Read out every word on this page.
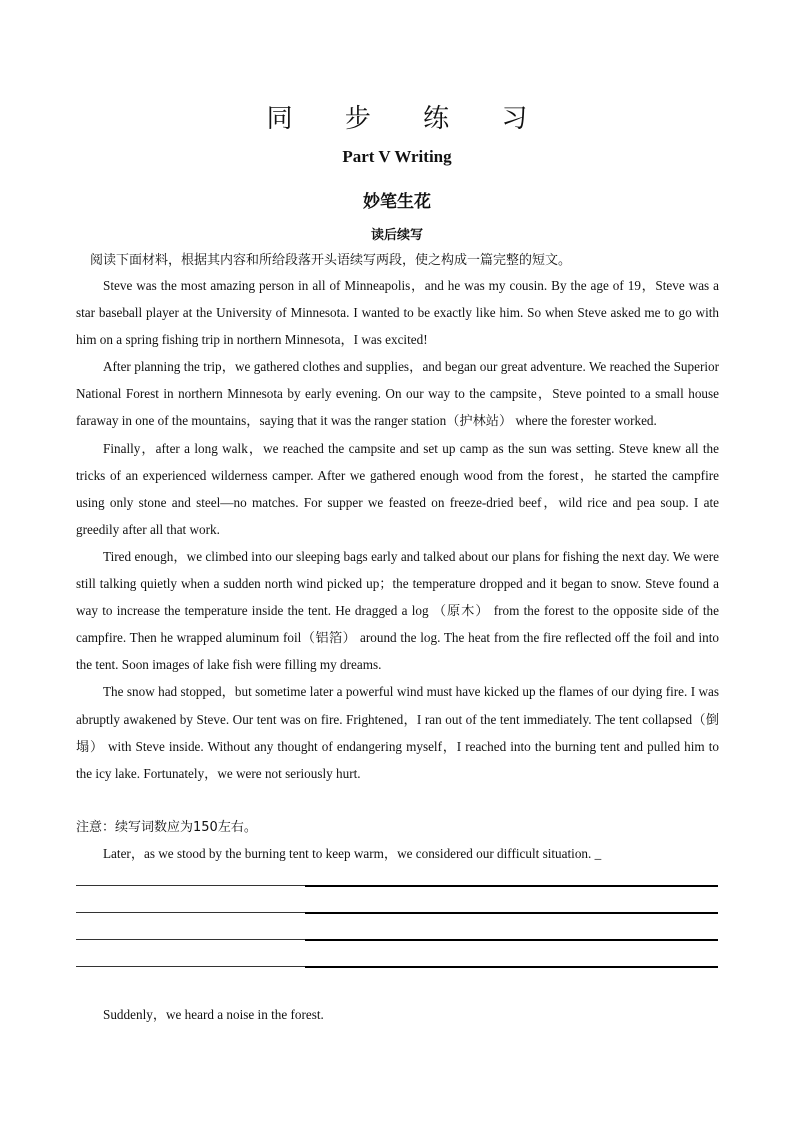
同 步 练 习
Part V Writing
妙笔生花
读后续写
阅读下面材料，根据其内容和所给段落开头语续写两段，使之构成一篇完整的短文。

Steve was the most amazing person in all of Minneapolis，and he was my cousin. By the age of 19，Steve was a star baseball player at the University of Minnesota. I wanted to be exactly like him. So when Steve asked me to go with him on a spring fishing trip in northern Minnesota，I was excited!

After planning the trip，we gathered clothes and supplies，and began our great adventure. We reached the Superior National Forest in northern Minnesota by early evening. On our way to the campsite，Steve pointed to a small house faraway in one of the mountains，saying that it was the ranger station（护林站） where the forester worked.

Finally，after a long walk，we reached the campsite and set up camp as the sun was setting. Steve knew all the tricks of an experienced wilderness camper. After we gathered enough wood from the forest，he started the campfire using only stone and steel—no matches. For supper we feasted on freeze-dried beef，wild rice and pea soup. I ate greedily after all that work.

Tired enough，we climbed into our sleeping bags early and talked about our plans for fishing the next day. We were still talking quietly when a sudden north wind picked up；the temperature dropped and it began to snow. Steve found a way to increase the temperature inside the tent. He dragged a log （原木） from the forest to the opposite side of the campfire. Then he wrapped aluminum foil（铝箔） around the log. The heat from the fire reflected off the foil and into the tent. Soon images of lake fish were filling my dreams.

The snow had stopped，but sometime later a powerful wind must have kicked up the flames of our dying fire. I was abruptly awakened by Steve. Our tent was on fire. Frightened，I ran out of the tent immediately. The tent collapsed（倒塌） with Steve inside. Without any thought of endangering myself，I reached into the burning tent and pulled him to the icy lake. Fortunately，we were not seriously hurt.

注意：续写词数应为150左右。
Later，as we stood by the burning tent to keep warm，we considered our difficult situation. _
Suddenly，we heard a noise in the forest.
